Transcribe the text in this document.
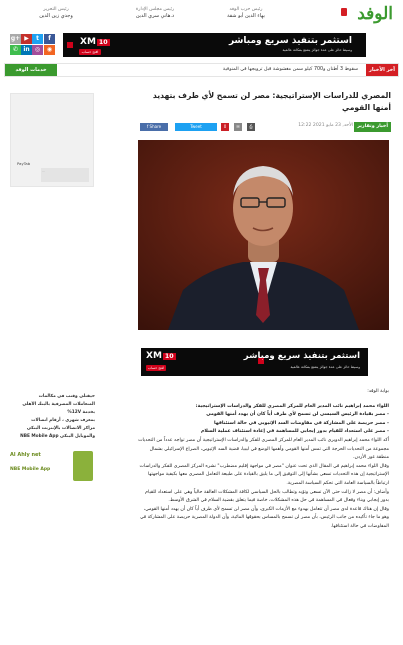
الوفد
رئيس حزب الوفد
بهاء الدين أبو شقة
رئيس مجلس الإدارة
د.هاني سري الدين
رئيس التحرير
وجدي زين الدين
f
t
▶
g+
◉
◎
in
✆
XM 10	استثمر بتنفيذ سريع ومباشر
وسيط حائز على عدة جوائز يتمتع بمكانة عالمية
افتح حساب
آخر الأخبار
سقوط 3 أطنان و700 كيلو سمن مغشوشة قبل ترويجها في المنوفية
خدمات الوفد
PayTab
...
حيقتلي وقتب في مكالمات
المتعاملات المصرفية بالبنك الأهلي بخدمة 12V%
بمعرف شهري ، أرقام اتصالات
مراكز الاتصالات بالإنترنت البنكي
والموبايل البنكي NBE Mobile App
Al Ahly net
NBE Mobile App
المصري للدراسات الإستراتيجية: مصر لن تسمح لأي طرف بتهديد أمنها القومي
أخبار وتقارير
الأحد, 23 مايو 2021 12:22
f Share	Tweet	0	✉	⎙
XM 10	استثمر بتنفيذ سريع ومباشر
وسيط حائز على عدة جوائز يتمتع بمكانة عالمية
افتح حساب

بوابة الوفد:

اللواء محمد إبراهيم نائب المدير العام للمركز المصري للفكر والدراسات الإستراتيجية:

- مصر بقيادة الرئيس السيسي لن تسمح لأي طرف أياً كان أن يهدد أمنها القومي

- مصر حريصة على المشاركة في مفاوضات السد الإثيوبي في حالة استئنافها

- مصر على استعداد للقيام بدور إيجابي للمساهمة في إعادة استئناف عملية السلام

أكد اللواء محمد إبراهيم الدويري نائب المدير العام للمركز المصري للفكر والدراسات الإستراتيجية أن مصر تواجه عدداً من التحديات مجموعة من التحديات الحرجة التي تمس أمنها القومي وأهمها الوضع في ليبيا، قضية السد الإثيوبي، الصراع الإسرائيلي بشمال منطقة غور الأردن.

وقال اللواء محمد إبراهيم في المقال الذي تحت عنوان "مصر في مواجهة إقليم مضطرب" نشره المركز المصري للفكر والدراسات الإستراتيجية إن هذه التحديات تسعى بشأنها إلى التوفيق إلى ما يليق بالقيادة على طبيعة التعامل المصري معها بكيفية مواجهتها ارتباطاً بالسياسة العامة التي تحكم السياسة المصرية.

وأضاف: أن مصر لا زالت حتى الآن تسعى وتؤيد وتطالب بالحل السياسي لكافة المشكلات العالقة حالياً وهي على استعداد للقيام بدور إيجابي وبناء وفعال في المساهمة في حل هذه المشكلات، خاصة فيما يتعلق بقضية السلام في الشرق الأوسط.

وقال إن هناك قاعدة لدى مصر أن تتعامل بهدوء مع الأزمات الكبرى، وأن مصر لن تسمح لأي طرف أياً كان أن يهدد أمنها القومي، وهو ما جاء تأكيده من جانب الرئيس، بأن مصر لن تسمح بالمساس بحقوقها المائية، وأن الدولة المصرية حريصة على المشاركة في المفاوضات في حالة استئنافها.
